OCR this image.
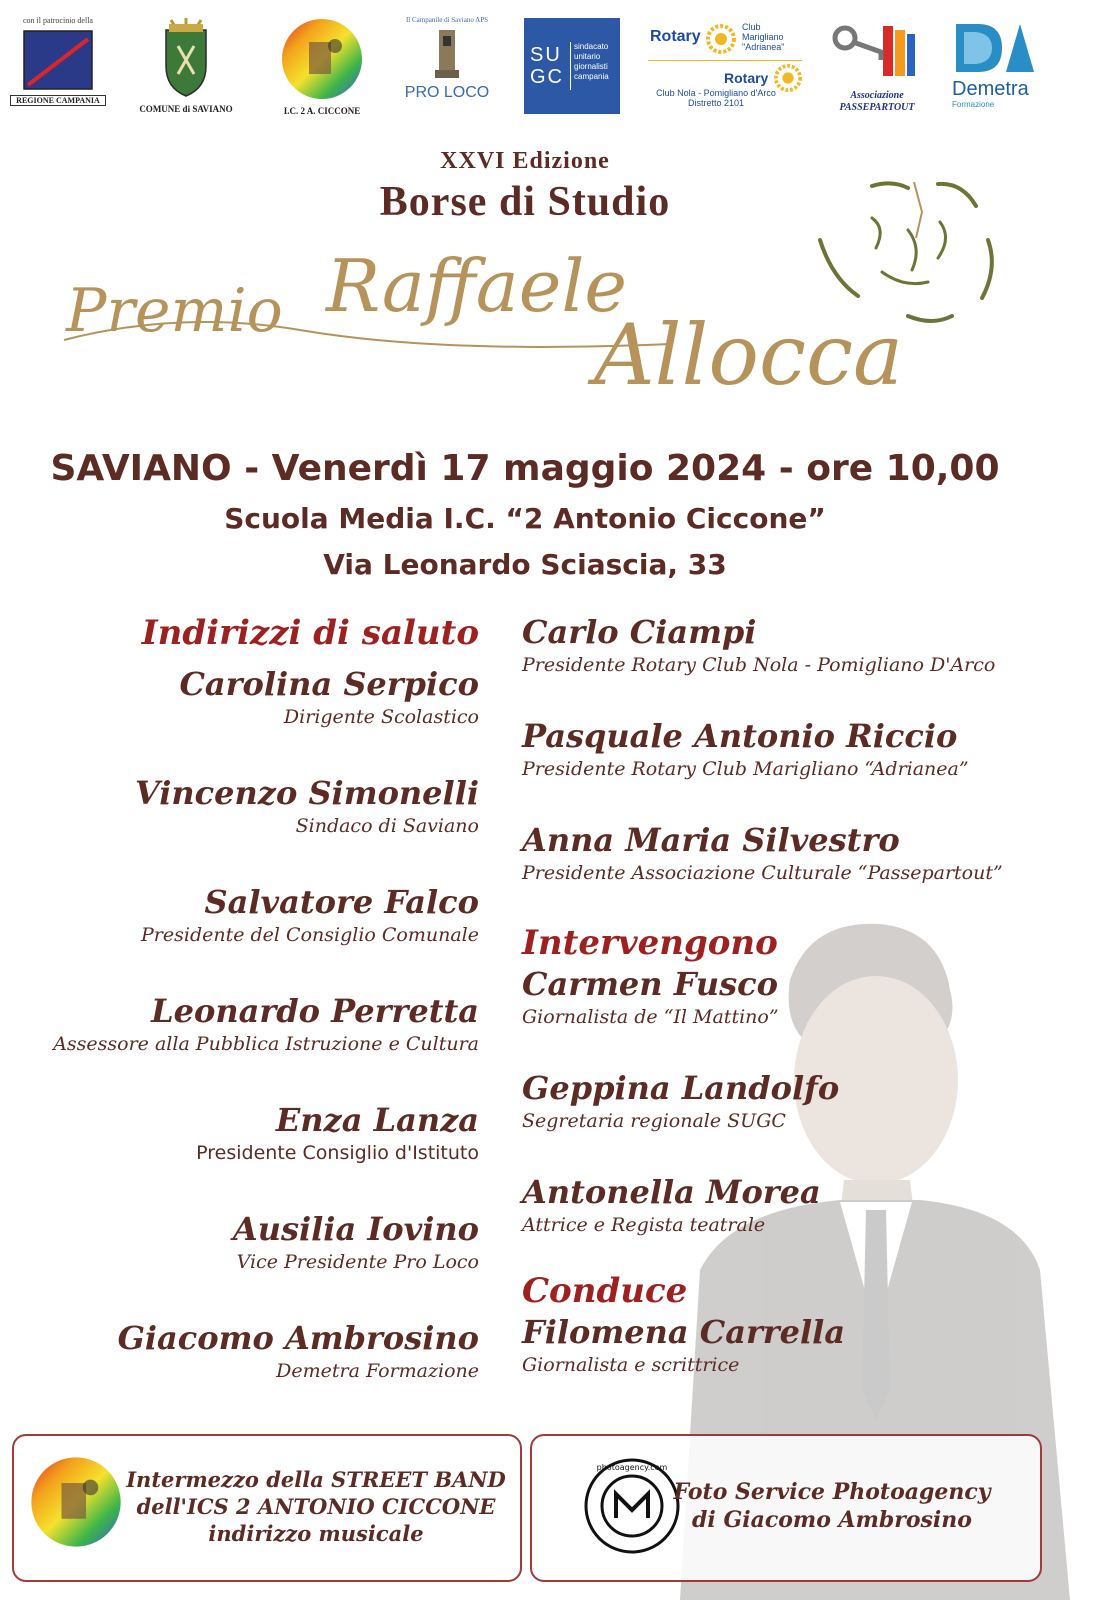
con il patrocinio della
REGIONE CAMPANIA
COMUNE di SAVIANO	I.C. 2 A. CICCONE
Il Campanile di Saviano APS
PRO LOCO
SU GC
sindacato
unitario
giornalisti
campania
Rotary
Club
Marigliano
"Adrianea"
Rotary
Club Nola - Pomigliano d'Arco
Distretto 2101
Associazione
PASSEPARTOUT
Demetra
Formazione
XXVI Edizione
Borse di Studio
Premio Raffaele
Allocca
SAVIANO - Venerdì 17 maggio 2024 - ore 10,00
Scuola Media I.C. “2 Antonio Ciccone”
Via Leonardo Sciascia, 33
Indirizzi di saluto
Carolina Serpico
Dirigente Scolastico
Vincenzo Simonelli
Sindaco di Saviano
Salvatore Falco
Presidente del Consiglio Comunale
Leonardo Perretta
Assessore alla Pubblica Istruzione e Cultura
Enza Lanza
Presidente Consiglio d'Istituto
Ausilia Iovino
Vice Presidente Pro Loco
Giacomo Ambrosino
Demetra Formazione
Carlo Ciampi
Presidente Rotary Club Nola - Pomigliano D'Arco
Pasquale Antonio Riccio
Presidente Rotary Club Marigliano “Adrianea”
Anna Maria Silvestro
Presidente Associazione Culturale “Passepartout”
Intervengono
Carmen Fusco
Giornalista de “Il Mattino”
Geppina Landolfo
Segretaria regionale SUGC
Antonella Morea
Attrice e Regista teatrale
Conduce
Filomena Carrella
Giornalista e scrittrice
Intermezzo della STREET BAND
dell'ICS 2 ANTONIO CICCONE
indirizzo musicale
photoagency.com
Foto Service Photoagency
di Giacomo Ambrosino
